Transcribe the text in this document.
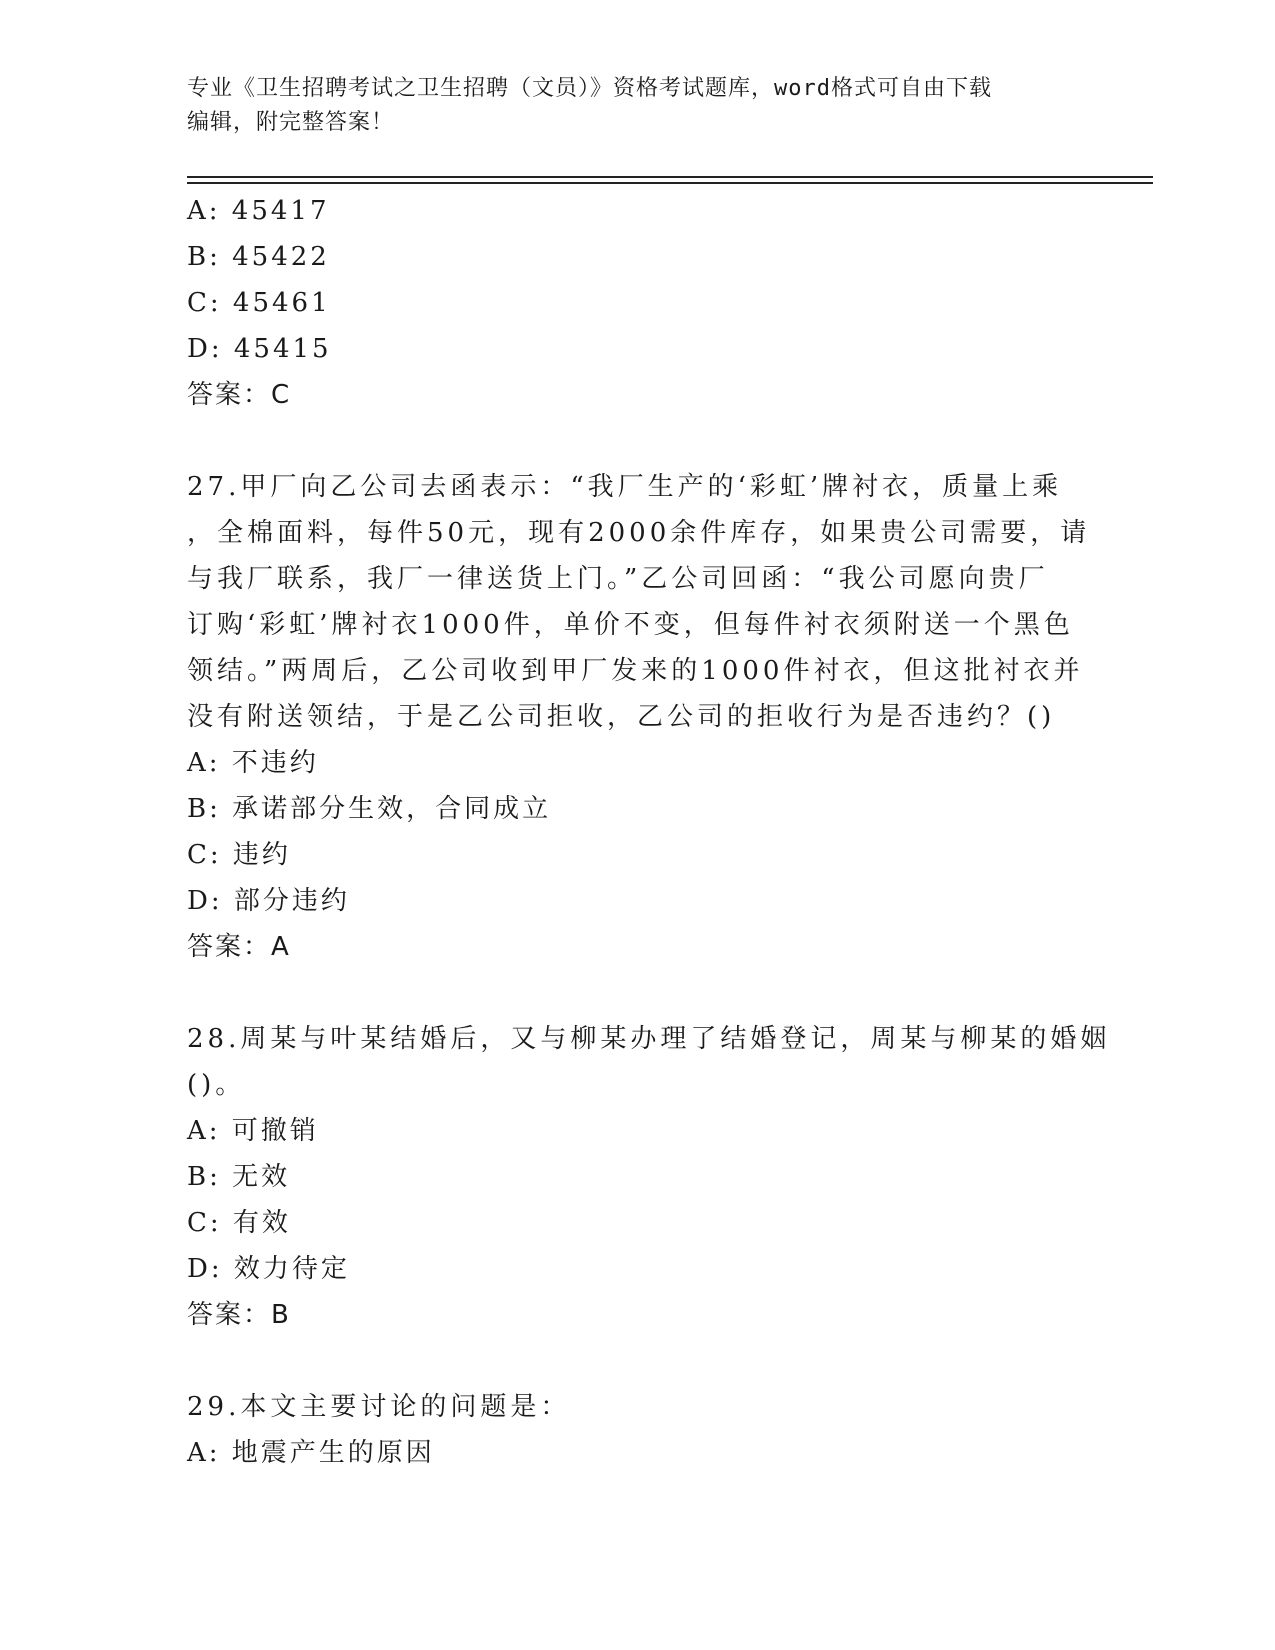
专业《卫生招聘考试之卫生招聘（文员）》资格考试题库，word格式可自由下载
编辑，附完整答案！
A: 45417
B: 45422
C: 45461
D: 45415
答案：C
27.甲厂向乙公司去函表示：“我厂生产的‘彩虹’牌衬衣，质量上乘
，全棉面料，每件50元，现有2000余件库存，如果贵公司需要，请
与我厂联系，我厂一律送货上门。”乙公司回函：“我公司愿向贵厂
订购‘彩虹’牌衬衣1000件，单价不变，但每件衬衣须附送一个黑色
领结。”两周后，乙公司收到甲厂发来的1000件衬衣，但这批衬衣并
没有附送领结，于是乙公司拒收，乙公司的拒收行为是否违约？()
A: 不违约
B: 承诺部分生效，合同成立
C: 违约
D: 部分违约
答案：A
28.周某与叶某结婚后，又与柳某办理了结婚登记，周某与柳某的婚姻
()。
A: 可撤销
B: 无效
C: 有效
D: 效力待定
答案：B
29.本文主要讨论的问题是：
A: 地震产生的原因
